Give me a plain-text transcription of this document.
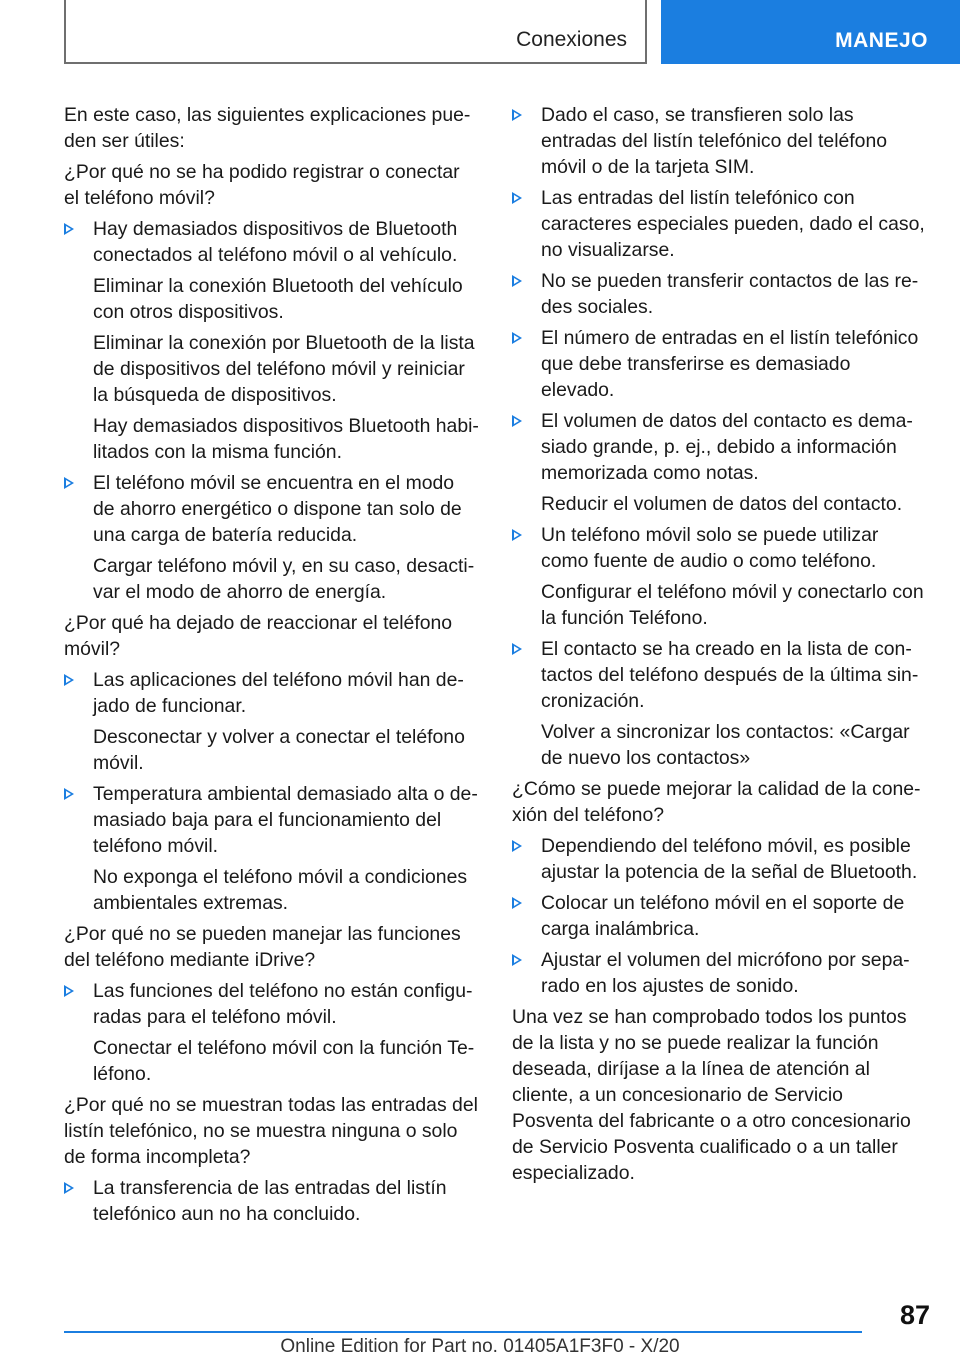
Conexiones	MANEJO

En este caso, las siguientes explicaciones pueden ser útiles:

¿Por qué no se ha podido registrar o conectar el teléfono móvil?

Hay demasiados dispositivos de Bluetooth conectados al teléfono móvil o al vehículo.

Eliminar la conexión Bluetooth del vehículo con otros dispositivos.

Eliminar la conexión por Bluetooth de la lista de dispositivos del teléfono móvil y reiniciar la búsqueda de dispositivos.

Hay demasiados dispositivos Bluetooth habilitados con la misma función.

El teléfono móvil se encuentra en el modo de ahorro energético o dispone tan solo de una carga de batería reducida.

Cargar teléfono móvil y, en su caso, desactivar el modo de ahorro de energía.

¿Por qué ha dejado de reaccionar el teléfono móvil?

Las aplicaciones del teléfono móvil han dejado de funcionar.

Desconectar y volver a conectar el teléfono móvil.

Temperatura ambiental demasiado alta o demasiado baja para el funcionamiento del teléfono móvil.

No exponga el teléfono móvil a condiciones ambientales extremas.

¿Por qué no se pueden manejar las funciones del teléfono mediante iDrive?

Las funciones del teléfono no están configuradas para el teléfono móvil.

Conectar el teléfono móvil con la función Teléfono.

¿Por qué no se muestran todas las entradas del listín telefónico, no se muestra ninguna o solo de forma incompleta?

La transferencia de las entradas del listín telefónico aun no ha concluido.
Dado el caso, se transfieren solo las entradas del listín telefónico del teléfono móvil o de la tarjeta SIM.
Las entradas del listín telefónico con caracteres especiales pueden, dado el caso, no visualizarse.
No se pueden transferir contactos de las redes sociales.
El número de entradas en el listín telefónico que debe transferirse es demasiado elevado.
El volumen de datos del contacto es demasiado grande, p. ej., debido a información memorizada como notas.

Reducir el volumen de datos del contacto.

Un teléfono móvil solo se puede utilizar como fuente de audio o como teléfono.

Configurar el teléfono móvil y conectarlo con la función Teléfono.

El contacto se ha creado en la lista de contactos del teléfono después de la última sincronización.

Volver a sincronizar los contactos: «Cargar de nuevo los contactos»

¿Cómo se puede mejorar la calidad de la conexión del teléfono?

Dependiendo del teléfono móvil, es posible ajustar la potencia de la señal de Bluetooth.
Colocar un teléfono móvil en el soporte de carga inalámbrica.
Ajustar el volumen del micrófono por separado en los ajustes de sonido.

Una vez se han comprobado todos los puntos de la lista y no se puede realizar la función deseada, diríjase a la línea de atención al cliente, a un concesionario de Servicio Posventa del fabricante o a otro concesionario de Servicio Posventa cualificado o a un taller especializado.

87
Online Edition for Part no. 01405A1F3F0 - X/20
